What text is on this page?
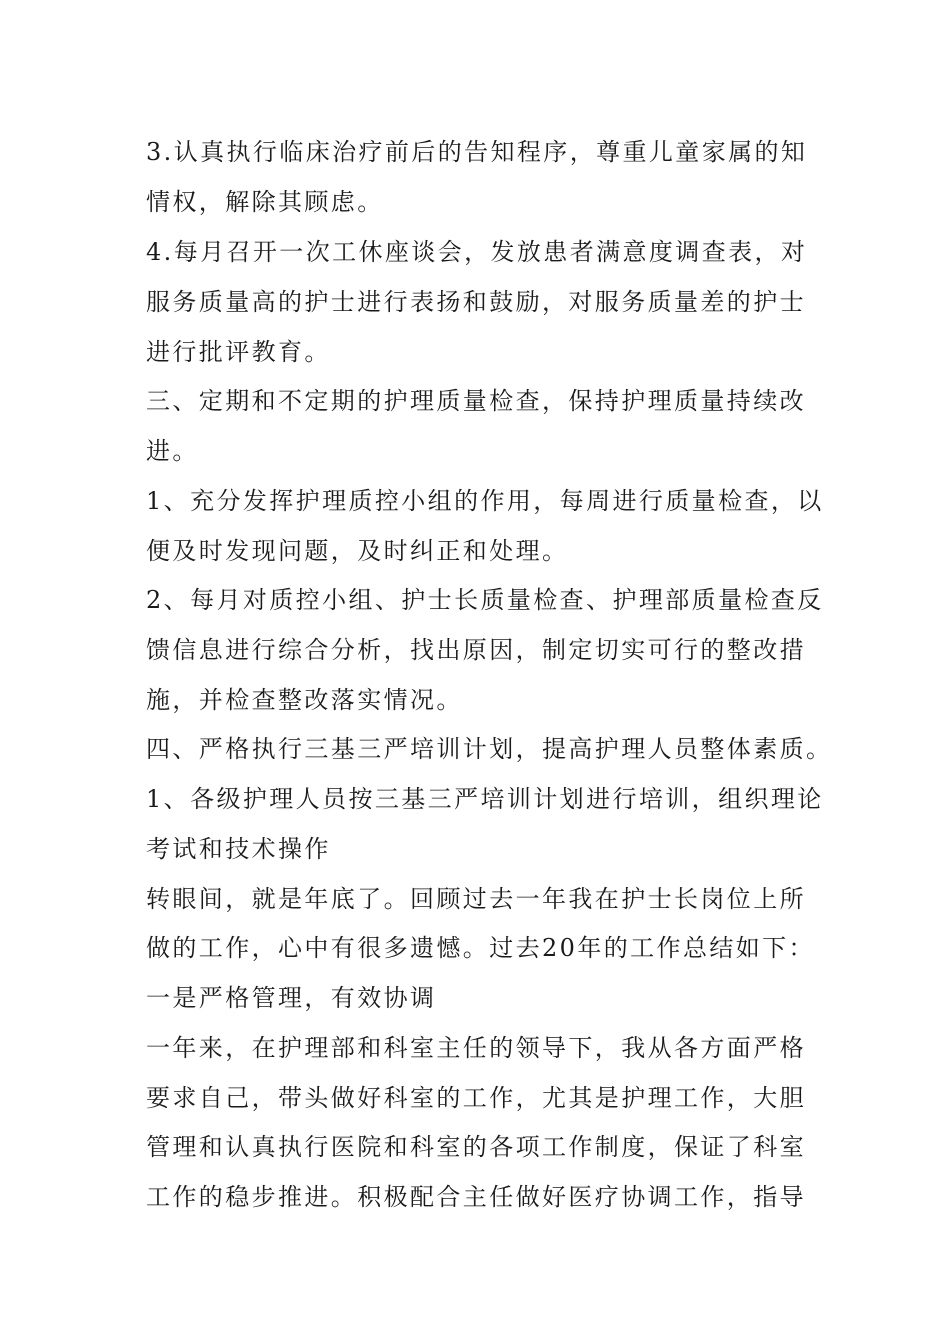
3.认真执行临床治疗前后的告知程序，尊重儿童家属的知
情权，解除其顾虑。
4.每月召开一次工休座谈会，发放患者满意度调查表，对
服务质量高的护士进行表扬和鼓励，对服务质量差的护士
进行批评教育。
三、定期和不定期的护理质量检查，保持护理质量持续改
进。
1、充分发挥护理质控小组的作用，每周进行质量检查，以
便及时发现问题，及时纠正和处理。
2、每月对质控小组、护士长质量检查、护理部质量检查反
馈信息进行综合分析，找出原因，制定切实可行的整改措
施，并检查整改落实情况。
四、严格执行三基三严培训计划，提高护理人员整体素质。
1、各级护理人员按三基三严培训计划进行培训，组织理论
考试和技术操作
转眼间，就是年底了。回顾过去一年我在护士长岗位上所
做的工作，心中有很多遗憾。过去20年的工作总结如下：
一是严格管理，有效协调
一年来，在护理部和科室主任的领导下，我从各方面严格
要求自己，带头做好科室的工作，尤其是护理工作，大胆
管理和认真执行医院和科室的各项工作制度，保证了科室
工作的稳步推进。积极配合主任做好医疗协调工作，指导
